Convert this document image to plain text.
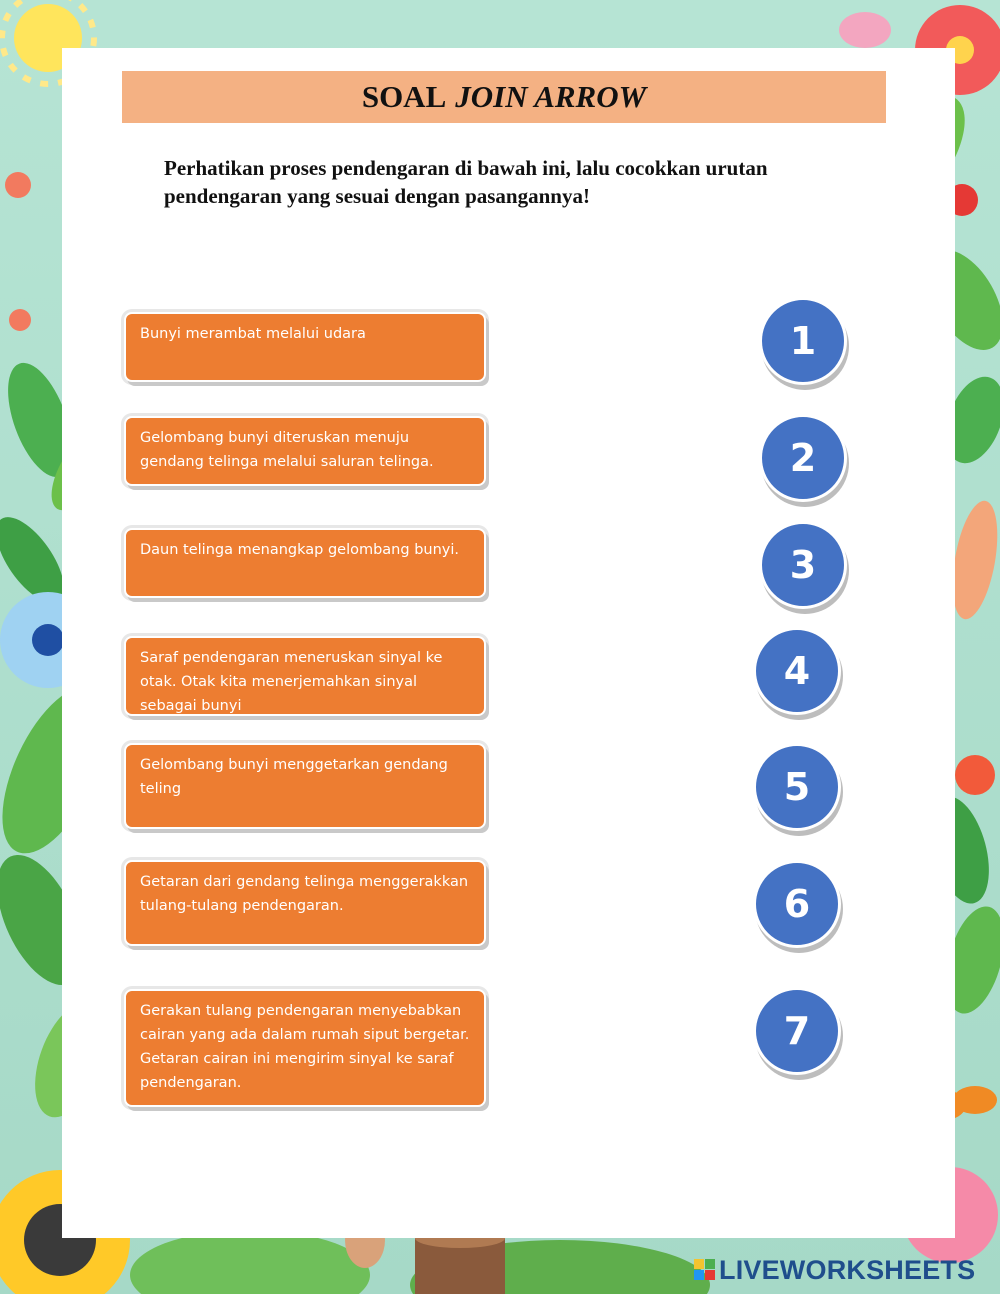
SOAL JOIN ARROW
Perhatikan proses pendengaran di bawah ini, lalu cocokkan urutan pendengaran yang sesuai dengan pasangannya!
Bunyi merambat melalui udara
Gelombang bunyi diteruskan menuju gendang telinga melalui saluran telinga.
Daun telinga menangkap gelombang bunyi.
Saraf pendengaran meneruskan sinyal ke otak. Otak kita menerjemahkan sinyal sebagai bunyi
Gelombang bunyi menggetarkan gendang teling
Getaran dari gendang telinga menggerakkan tulang-tulang pendengaran.
Gerakan tulang pendengaran menyebabkan cairan yang ada dalam rumah siput bergetar. Getaran cairan ini mengirim sinyal ke saraf pendengaran.
1
2
3
4
5
6
7
LIVEWORKSHEETS
